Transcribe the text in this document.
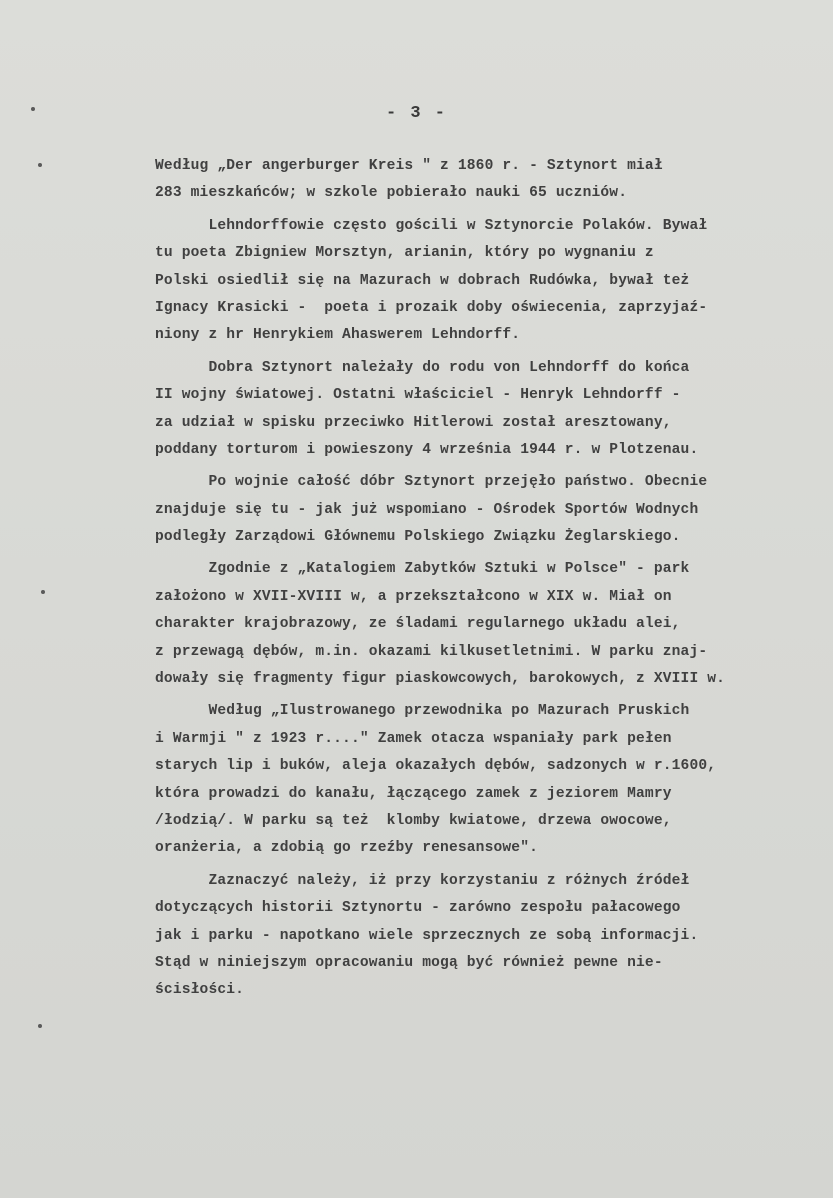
- 3 -
Według „Der angerburger Kreis " z 1860 r. - Sztynort miał
283 mieszkańców; w szkole pobierało nauki 65 uczniów.
Lehndorffowie często gościli w Sztynorcie Polaków. Bywał
tu poeta Zbigniew Morsztyn, arianin, który po wygnaniu z
Polski osiedlił się na Mazurach w dobrach Rudówka, bywał też
Ignacy Krasicki -  poeta i prozaik doby oświecenia, zaprzyjaź-
niony z hr Henrykiem Ahaswerem Lehndorff.
Dobra Sztynort należały do rodu von Lehndorff do końca
II wojny światowej. Ostatni właściciel - Henryk Lehndorff -
za udział w spisku przeciwko Hitlerowi został aresztowany,
poddany torturom i powieszony 4 września 1944 r. w Plotzenau.
Po wojnie całość dóbr Sztynort przejęło państwo. Obecnie
znajduje się tu - jak już wspomiano - Ośrodek Sportów Wodnych
podległy Zarządowi Głównemu Polskiego Związku Żeglarskiego.
Zgodnie z „Katalogiem Zabytków Sztuki w Polsce" - park
założono w XVII-XVIII w, a przekształcono w XIX w. Miał on
charakter krajobrazowy, ze śladami regularnego układu alei,
z przewagą dębów, m.in. okazami kilkusetletnimi. W parku znaj-
dowały się fragmenty figur piaskowcowych, barokowych, z XVIII w.
Według „Ilustrowanego przewodnika po Mazurach Pruskich
i Warmji " z 1923 r...." Zamek otacza wspaniały park pełen
starych lip i buków, aleja okazałych dębów, sadzonych w r.1600,
która prowadzi do kanału, łączącego zamek z jeziorem Mamry
/łodzią/. W parku są też  klomby kwiatowe, drzewa owocowe,
oranżeria, a zdobią go rzeźby renesansowe".
Zaznaczyć należy, iż przy korzystaniu z różnych źródeł
dotyczących historii Sztynortu - zarówno zespołu pałacowego
jak i parku - napotkano wiele sprzecznych ze sobą informacji.
Stąd w niniejszym opracowaniu mogą być również pewne nie-
ścisłości.
